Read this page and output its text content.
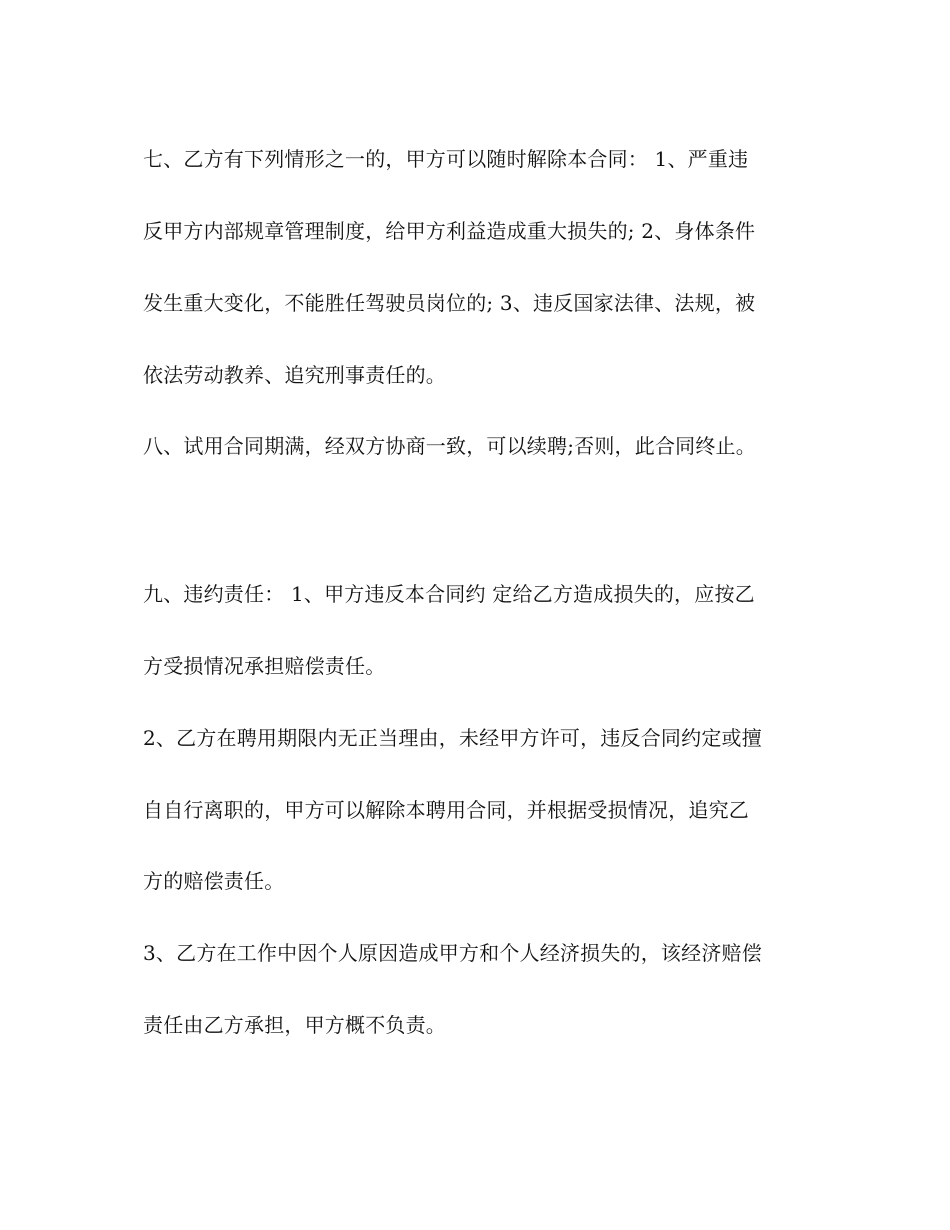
七、乙方有下列情形之一的，甲方可以随时解除本合同： 1、严重违
反甲方内部规章管理制度，给甲方利益造成重大损失的; 2、身体条件
发生重大变化，不能胜任驾驶员岗位的; 3、违反国家法律、法规，被
依法劳动教养、追究刑事责任的。
八、试用合同期满，经双方协商一致，可以续聘;否则，此合同终止。
九、违约责任： 1、甲方违反本合同约 定给乙方造成损失的，应按乙
方受损情况承担赔偿责任。
2、乙方在聘用期限内无正当理由，未经甲方许可，违反合同约定或擅
自自行离职的，甲方可以解除本聘用合同，并根据受损情况，追究乙
方的赔偿责任。
3、乙方在工作中因个人原因造成甲方和个人经济损失的，该经济赔偿
责任由乙方承担，甲方概不负责。
